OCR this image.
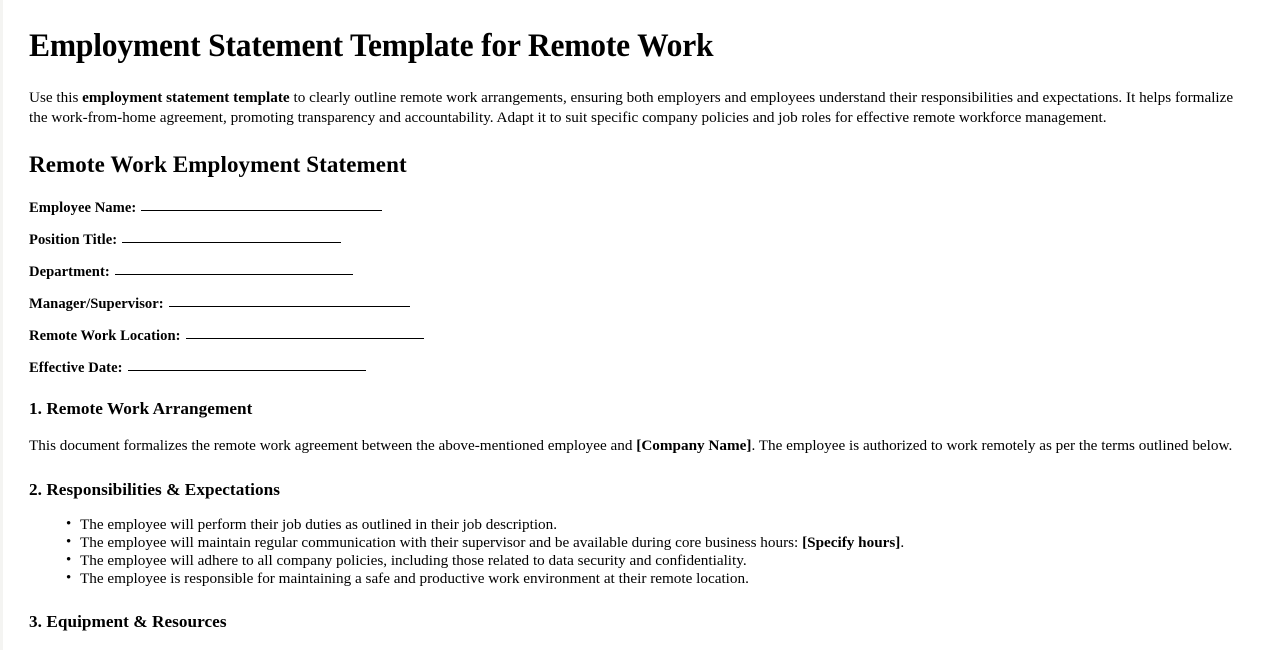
Employment Statement Template for Remote Work

Use this employment statement template to clearly outline remote work arrangements, ensuring both employers and employees understand their responsibilities and expectations. It helps formalize the work-from-home agreement, promoting transparency and accountability. Adapt it to suit specific company policies and job roles for effective remote workforce management.

Remote Work Employment Statement
Employee Name:
Position Title:
Department:
Manager/Supervisor:
Remote Work Location:
Effective Date:
1. Remote Work Arrangement

This document formalizes the remote work agreement between the above-mentioned employee and [Company Name]. The employee is authorized to work remotely as per the terms outlined below.

2. Responsibilities & Expectations
• The employee will perform their job duties as outlined in their job description.
• The employee will maintain regular communication with their supervisor and be available during core business hours: [Specify hours].
• The employee will adhere to all company policies, including those related to data security and confidentiality.
• The employee is responsible for maintaining a safe and productive work environment at their remote location.
3. Equipment & Resources
